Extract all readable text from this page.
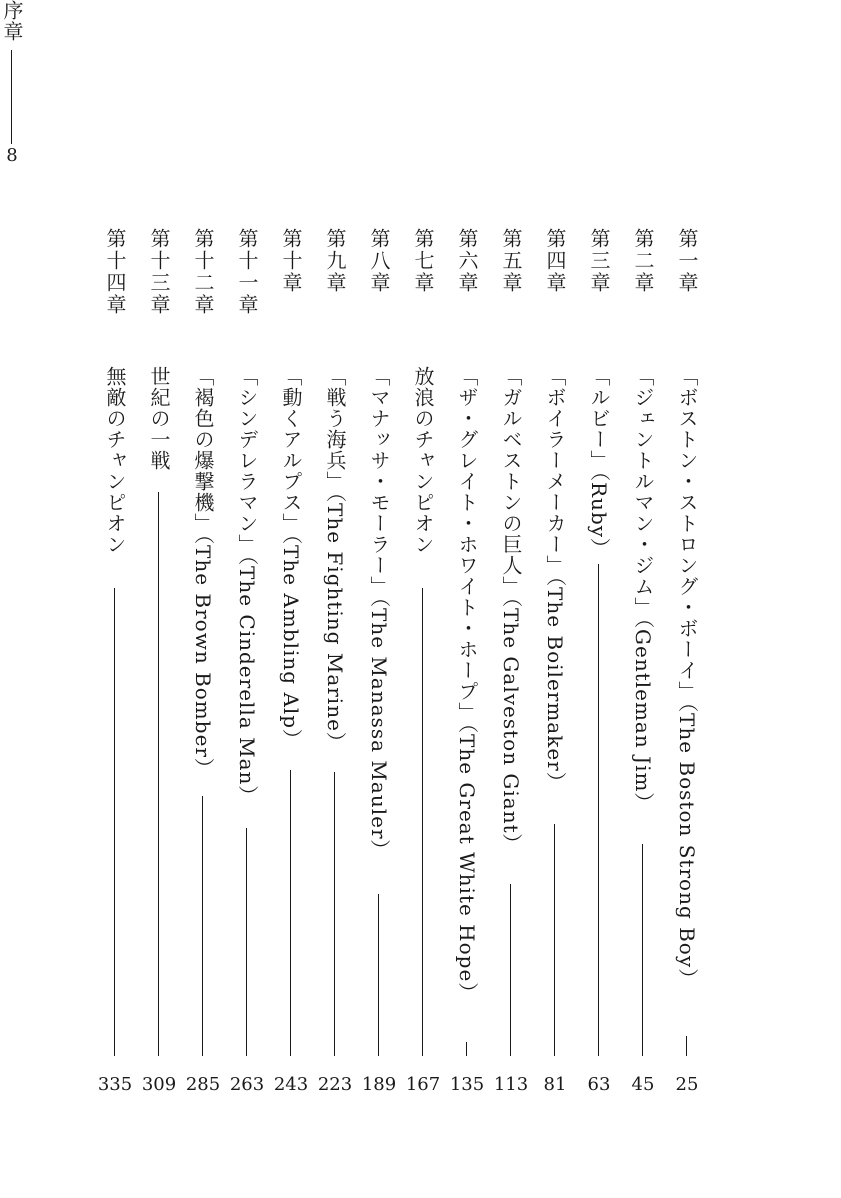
序章
8
第一章
「ボストン・ストロング・ボーイ」（The Boston Strong Boy）
25
第二章
「ジェントルマン・ジム」（Gentleman Jim）
45
第三章
「ルビー」（Ruby）
63
第四章
「ボイラーメーカー」（The Boilermaker）
81
第五章
「ガルベストンの巨人」（The Galveston Giant）
113
第六章
「ザ・グレイト・ホワイト・ホープ」（The Great White Hope）
135
第七章
放浪のチャンピオン
167
第八章
「マナッサ・モーラー」（The Manassa Mauler）
189
第九章
「戦う海兵」（The Fighting Marine）
223
第十章
「動くアルプス」（The Ambling Alp）
243
第十一章
「シンデレラマン」（The Cinderella Man）
263
第十二章
「褐色の爆撃機」（The Brown Bomber）
285
第十三章
世紀の一戦
309
第十四章
無敵のチャンピオン
335
